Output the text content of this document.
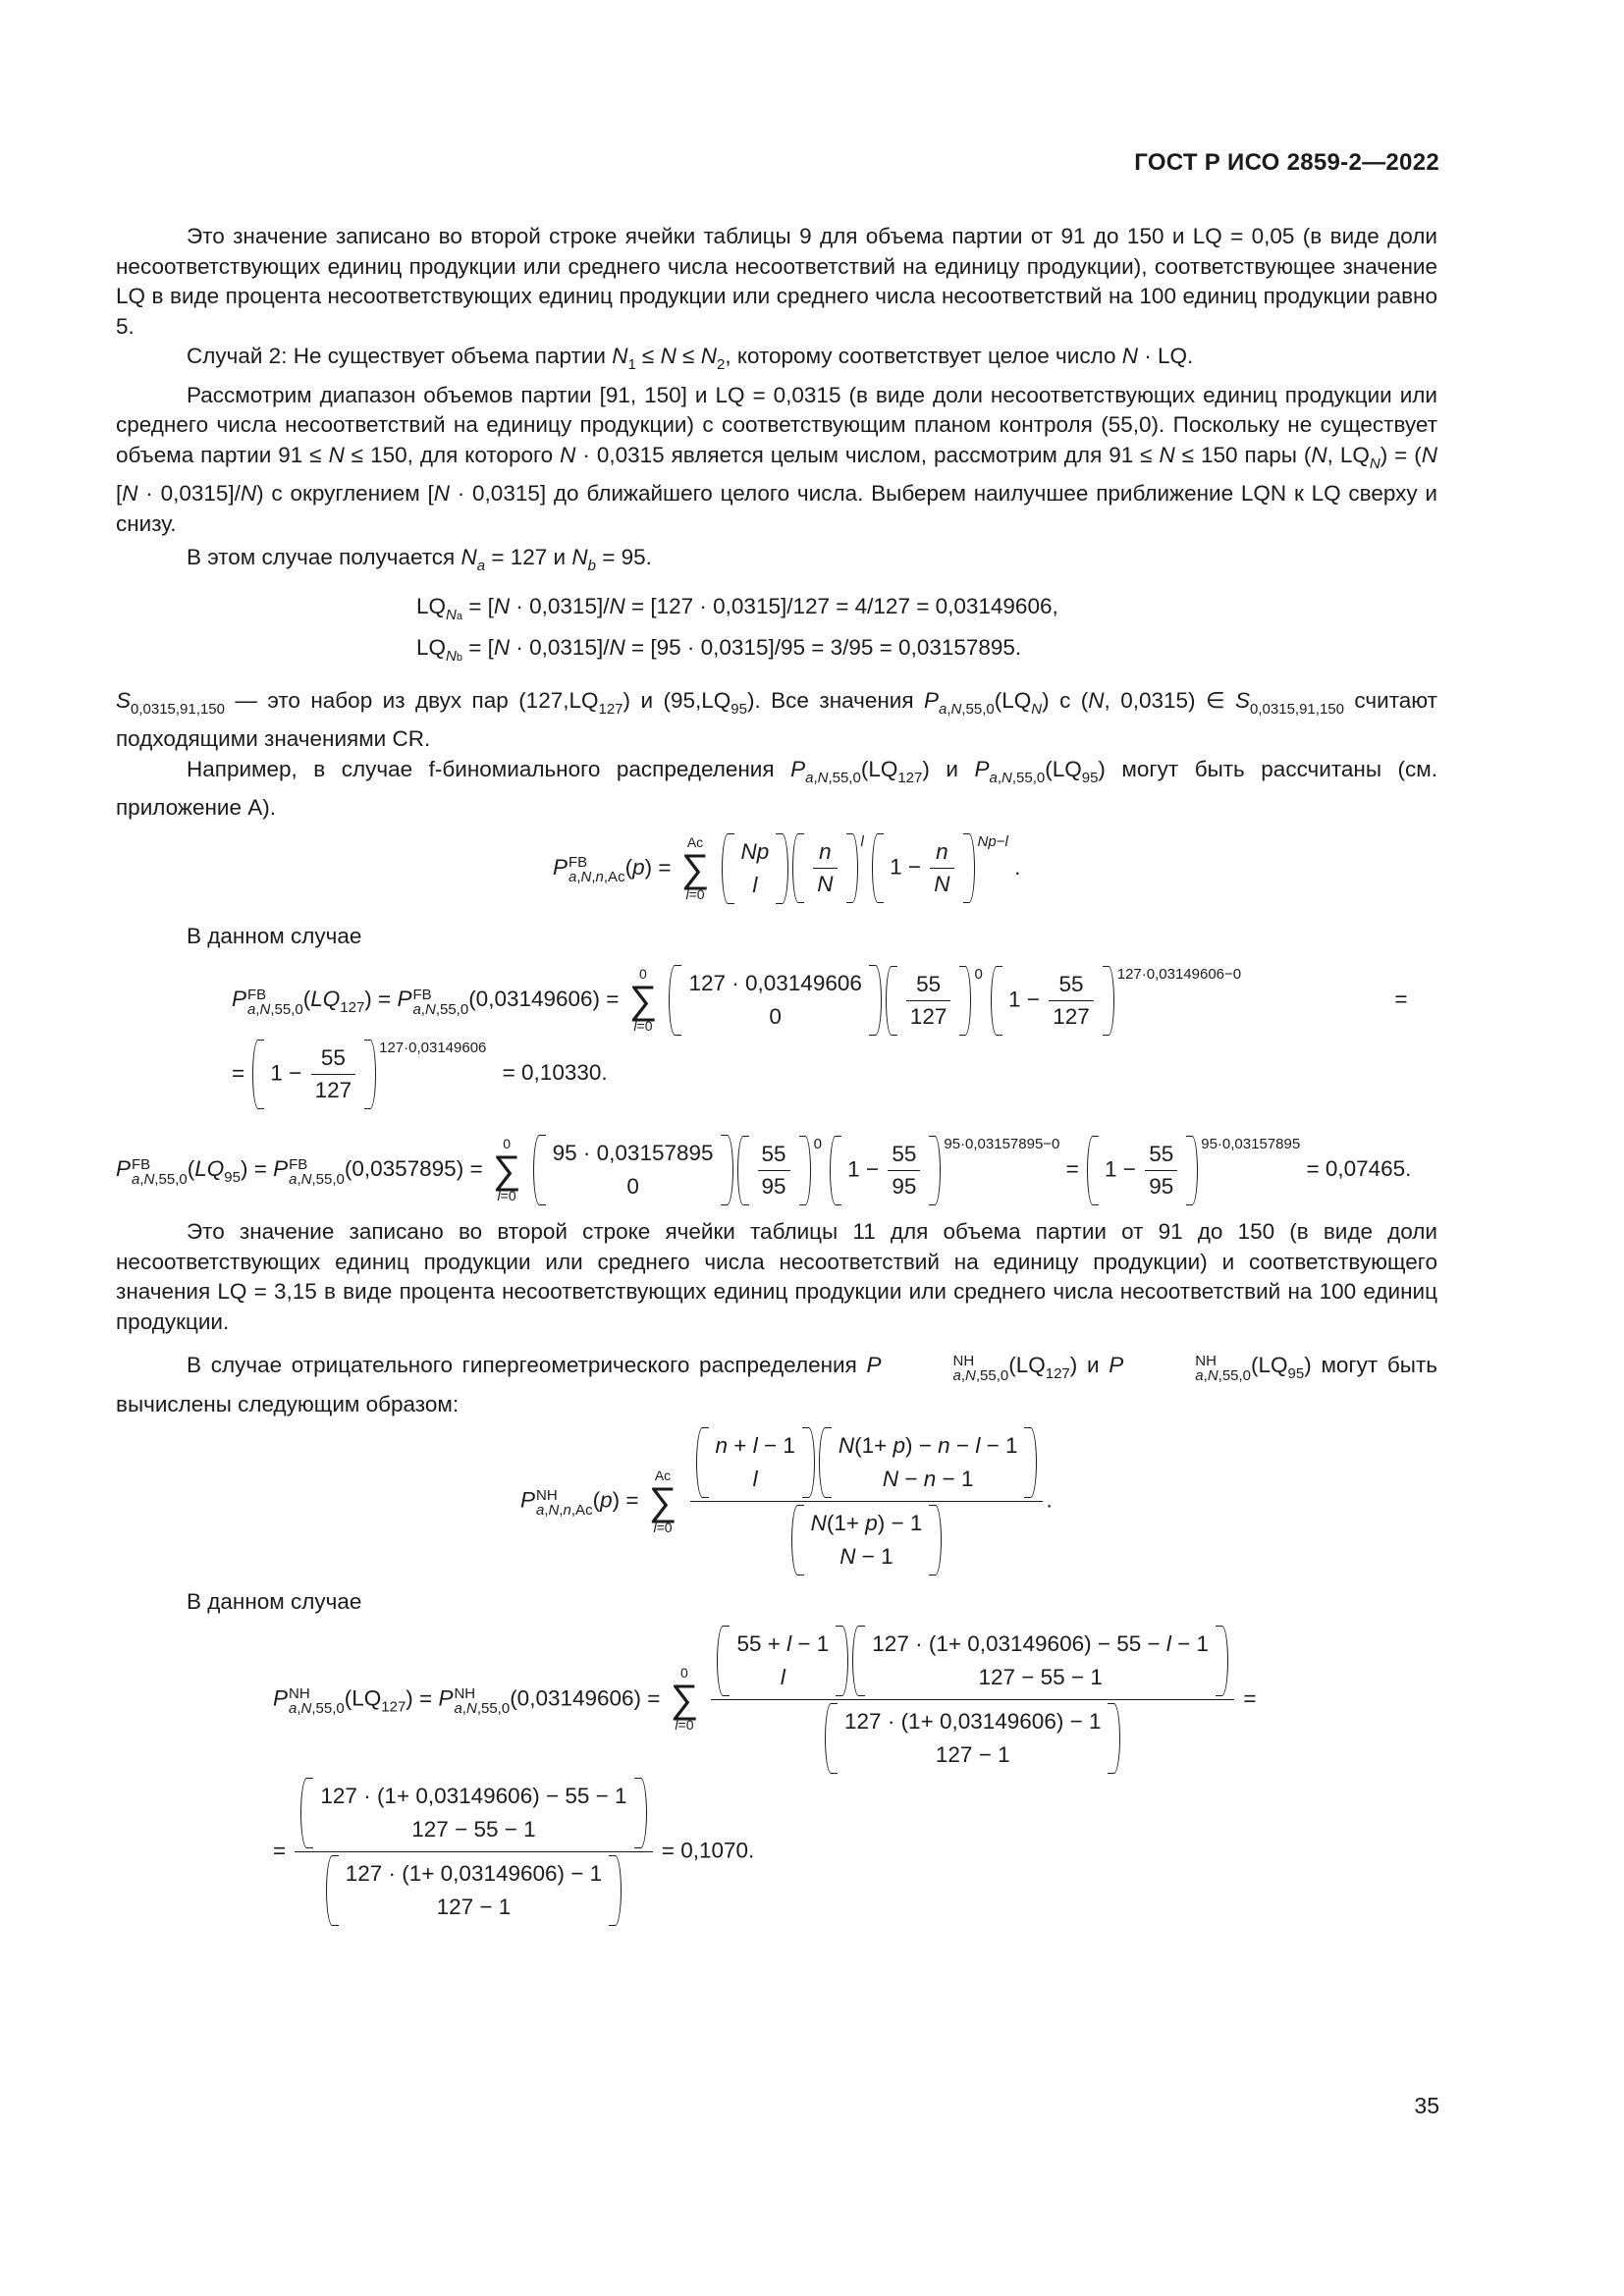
ГОСТ Р ИСО 2859-2—2022

Это значение записано во второй строке ячейки таблицы 9 для объема партии от 91 до 150 и LQ = 0,05 (в виде доли несоответствующих единиц продукции или среднего числа несоответствий на единицу продукции), соответствующее значение LQ в виде процента несоответствующих единиц продукции или среднего числа несоответствий на 100 единиц продукции равно 5.

Случай 2: Не существует объема партии $N_1 \le N \le N_2$, которому соответствует целое число N · LQ.

Рассмотрим диапазон объемов партии [91, 150] и LQ = 0,0315 (в виде доли несоответствующих единиц продукции или среднего числа несоответствий на единицу продукции) с соответствующим планом контроля (55,0). Поскольку не существует объема партии 91 ≤ N ≤ 150, для которого N · 0,0315 является целым числом, рассмотрим для 91 ≤ N ≤ 150 пары (N, $LQ_N) = (N$ [N · 0,0315]/N) с округлением [N · 0,0315] до ближайшего целого числа. Выберем наилучшее приближение LQN к LQ сверху и снизу.

В этом случае получается $N_a = 127$ и $N_b = 95$.

$LQ_{Na} = [N \cdot 0,0315]/N = [127 \cdot 0,0315]/127 = 4/127 = 0,03149606$,
$LQ_{Nb} = [N \cdot 0,0315]/N = [95 \cdot 0,0315]/95 = 3/95 = 0,03157895$.

$S_{0,0315,91,150}$ — это набор из двух пар $(127,LQ_{127})$ и $(95,LQ_{95})$. Все значения $P_{a,N,55,0}(LQ_N)$ с (N, 0,0315) ∈ $S_{0,0315,91,150}$ считают подходящими значениями CR.

Например, в случае f-биномиального распределения $P_{a,N,55,0}(LQ_{127})$ и $P_{a,N,55,0}(LQ_{95})$ могут быть рассчитаны (см. приложение А).

P FB
a,N,n,Ac (p) =
Ac
∑
l=0

Np
l	$\frac{n}{N}$ l $1 - \frac{n}{N} Np-l$ .

В данном случае

P FB
a,N,55,0 $(LQ_{127}) = P$ FB
a,N,55,0 (0,03149606) =
0
∑
l=0

127 · 0,03149606
0	$\frac{55}{127} 0$ $1 - \frac{55}{127} 127\cdot 0,03149606-0$ =
= $1 - \frac{55}{127} 127\cdot 0,03149606 = 0,10330$.
P FB
a,N,55,0 $(LQ_{95}) = P$ FB
a,N,55,0 (0,0357895) =
0
∑
l=0

95 · 0,03157895
0	$\frac{55}{95} 0$ $1 - \frac{55}{95} 95\cdot 0,03157895-0 = 1 - \frac{55}{95} 95\cdot 0,03157895 = 0,07465$.

Это значение записано во второй строке ячейки таблицы 11 для объема партии от 91 до 150 (в виде доли несоответствующих единиц продукции или среднего числа несоответствий на единицу продукции) и соответствующего значения LQ = 3,15 в виде процента несоответствующих единиц продукции или среднего числа несоответствий на 100 единиц продукции.

В случае отрицательного гипергеометрического распределения P	NH
a,N,55,0 $(LQ_{127})$ и P	NH
a,N,55,0 $(LQ_{95})$ могут быть вычислены следующим образом:

P NH
a,N,n,Ac (p) =
Ac
∑
l=0
n + l − 1
l
N(1+ p) − n − l − 1
N − n − 1
N(1+ p) − 1
N − 1 .

В данном случае

P NH
a,N,55,0 $(LQ_{127}) = P$ NH
a,N,55,0 (0,03149606) =
0
∑
l=0
55 + l − 1
l
127 · (1+ 0,03149606) − 55 − l − 1
127 − 55 − 1
127 · (1+ 0,03149606) − 1
127 − 1 =
= 127 · (1+ 0,03149606) − 55 − 1
127 − 55 − 1
127 · (1+ 0,03149606) − 1
127 − 1 = 0,1070.
35
